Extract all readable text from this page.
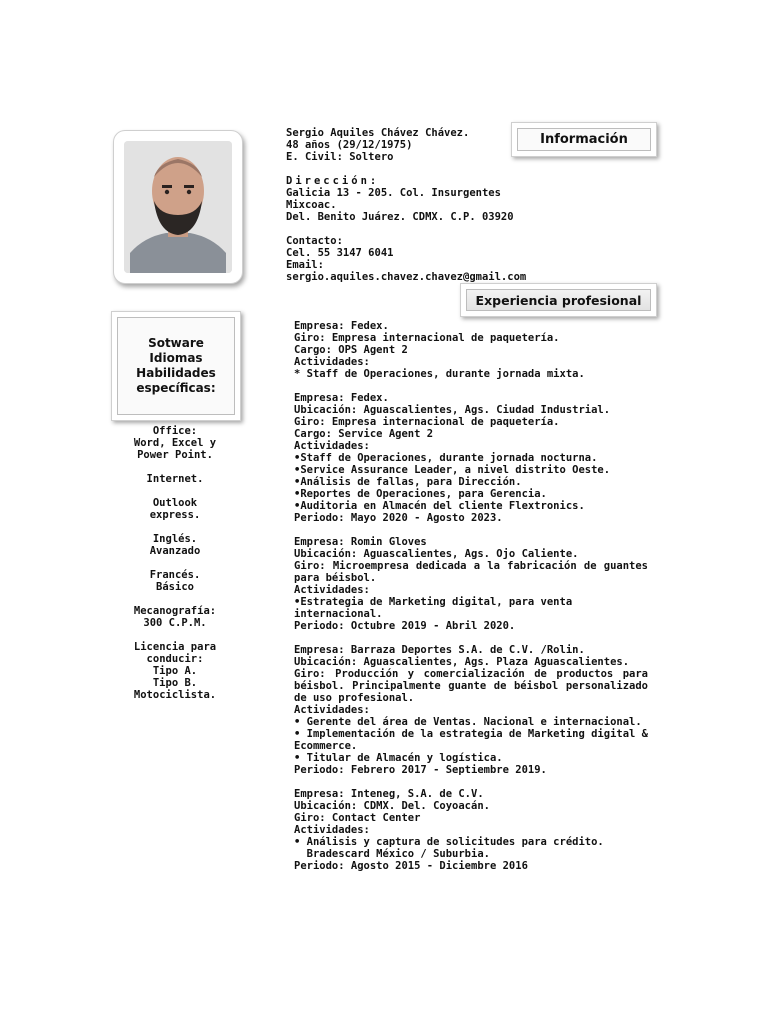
Sergio Aquiles Chávez Chávez.
48 años (29/12/1975)
E. Civil: Soltero
Dirección:
Galicia 13 - 205. Col. Insurgentes Mixcoac.
Del. Benito Juárez. CDMX. C.P. 03920
Contacto:
Cel. 55 3147 6041
Email:
sergio.aquiles.chavez.chavez@gmail.com
Información
Experiencia profesional
Sotware
Idiomas
Habilidades
específicas:
Office:
Word, Excel y
Power Point.
Internet.
Outlook
express.
Inglés.
Avanzado
Francés.
Básico
Mecanografía:
300 C.P.M.
Licencia para
conducir:
Tipo A.
Tipo B.
Motociclista.
Empresa: Fedex.
Giro: Empresa internacional de paquetería.
Cargo: OPS Agent 2
Actividades:
* Staff de Operaciones, durante jornada mixta.
Empresa: Fedex.
Ubicación: Aguascalientes, Ags. Ciudad Industrial.
Giro: Empresa internacional de paquetería.
Cargo: Service Agent 2
Actividades:
•Staff de Operaciones, durante jornada nocturna.
•Service Assurance Leader, a nivel distrito Oeste.
•Análisis de fallas, para Dirección.
•Reportes de Operaciones, para Gerencia.
•Auditoria en Almacén del cliente Flextronics.
Periodo: Mayo 2020 - Agosto 2023.
Empresa: Romin Gloves
Ubicación: Aguascalientes, Ags. Ojo Caliente.
Giro: Microempresa dedicada a la fabricación de guantes para béisbol.
Actividades:
•Estrategia de Marketing digital, para venta internacional.
Periodo: Octubre 2019 - Abril 2020.
Empresa: Barraza Deportes S.A. de C.V. /Rolin.
Ubicación: Aguascalientes, Ags. Plaza Aguascalientes.
Giro: Producción y comercialización de productos para béisbol. Principalmente guante de béisbol personalizado de uso profesional.
Actividades:
• Gerente del área de Ventas. Nacional e internacional.
• Implementación de la estrategia de Marketing digital & Ecommerce.
• Titular de Almacén y logística.
Periodo: Febrero 2017 - Septiembre 2019.
Empresa: Inteneg, S.A. de C.V.
Ubicación: CDMX. Del. Coyoacán.
Giro: Contact Center
Actividades:
• Análisis y captura de solicitudes para crédito.
Bradescard México / Suburbia.
Periodo: Agosto 2015 - Diciembre 2016
